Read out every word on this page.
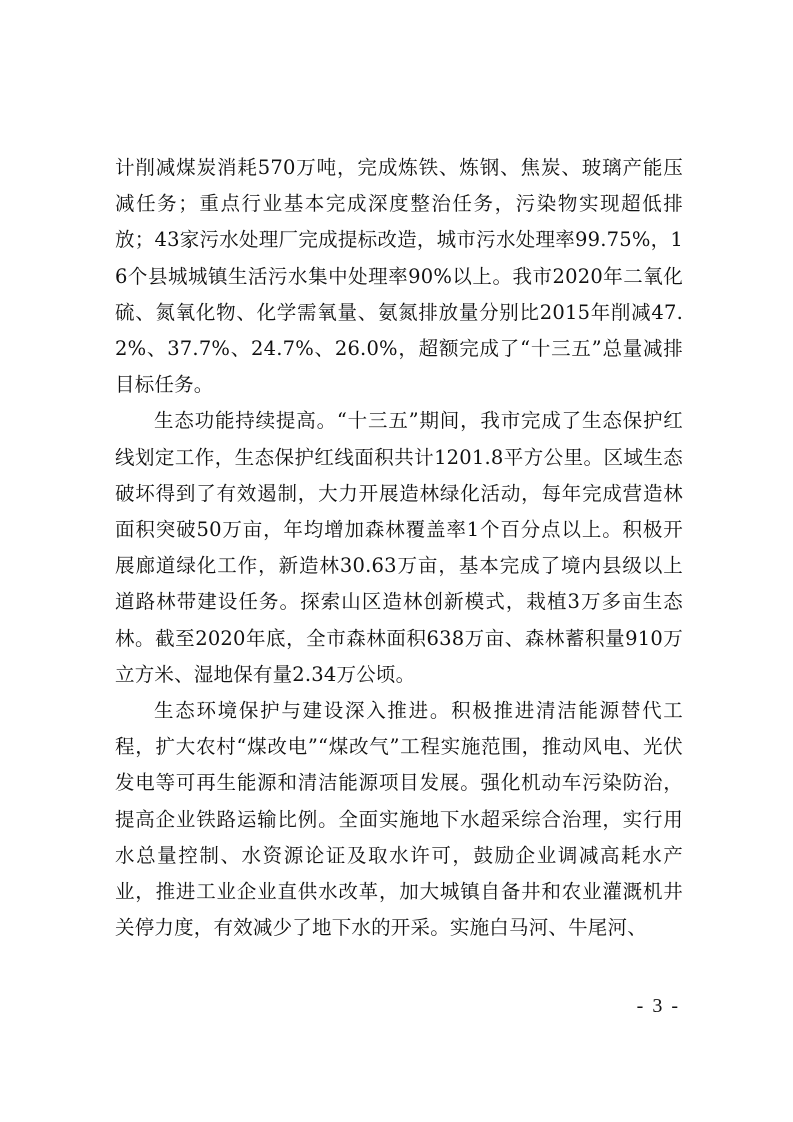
计削减煤炭消耗570万吨，完成炼铁、炼钢、焦炭、玻璃产能压减任务；重点行业基本完成深度整治任务，污染物实现超低排放；43家污水处理厂完成提标改造，城市污水处理率99.75%，16个县城城镇生活污水集中处理率90%以上。我市2020年二氧化硫、氮氧化物、化学需氧量、氨氮排放量分别比2015年削减47.2%、37.7%、24.7%、26.0%，超额完成了“十三五”总量减排目标任务。

生态功能持续提高。“十三五”期间，我市完成了生态保护红线划定工作，生态保护红线面积共计1201.8平方公里。区域生态破坏得到了有效遏制，大力开展造林绿化活动，每年完成营造林面积突破50万亩，年均增加森林覆盖率1个百分点以上。积极开展廊道绿化工作，新造林30.63万亩，基本完成了境内县级以上道路林带建设任务。探索山区造林创新模式，栽植3万多亩生态林。截至2020年底，全市森林面积638万亩、森林蓄积量910万立方米、湿地保有量2.34万公顷。

生态环境保护与建设深入推进。积极推进清洁能源替代工程，扩大农村“煤改电”“煤改气”工程实施范围，推动风电、光伏发电等可再生能源和清洁能源项目发展。强化机动车污染防治，提高企业铁路运输比例。全面实施地下水超采综合治理，实行用水总量控制、水资源论证及取水许可，鼓励企业调减高耗水产业，推进工业企业直供水改革，加大城镇自备井和农业灌溉机井关停力度，有效减少了地下水的开采。实施白马河、牛尾河、

- 3 -
